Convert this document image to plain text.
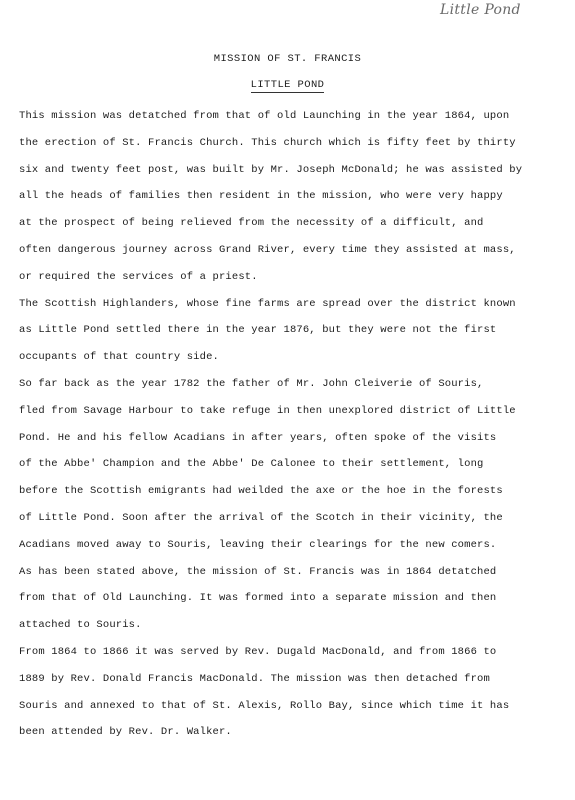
Little Pond
MISSION OF ST. FRANCIS
LITTLE POND
This mission was detatched from that of old Launching in the year 1864, upon
the erection of St. Francis Church. This church which is fifty feet by thirty
six and twenty feet post, was built by Mr. Joseph McDonald; he was assisted by
all the heads of families then resident in the mission, who were very happy
at the prospect of being relieved from the necessity of a difficult, and
often dangerous journey across Grand River, every time they assisted at mass,
or required the services of a priest.
The Scottish Highlanders, whose fine farms are spread over the district known
as Little Pond settled there in the year 1876, but they were not the first
occupants of that country side.
So far back as the year 1782 the father of Mr. John Cleiverie of Souris,
fled from Savage Harbour to take refuge in then unexplored district of Little
Pond. He and his fellow Acadians in after years, often spoke of the visits
of the Abbe' Champion and the Abbe' De Calonee to their settlement, long
before the Scottish emigrants had weilded the axe or the hoe in the forests
of Little Pond. Soon after the arrival of the Scotch in their vicinity, the
Acadians moved away to Souris, leaving their clearings for the new comers.
As has been stated above, the mission of St. Francis was in 1864 detatched
from that of Old Launching. It was formed into a separate mission and then
attached to Souris.
From 1864 to 1866 it was served by Rev. Dugald MacDonald, and from 1866 to
1889 by Rev. Donald Francis MacDonald. The mission was then detached from
Souris and annexed to that of St. Alexis, Rollo Bay, since which time it has
been attended by Rev. Dr. Walker.
